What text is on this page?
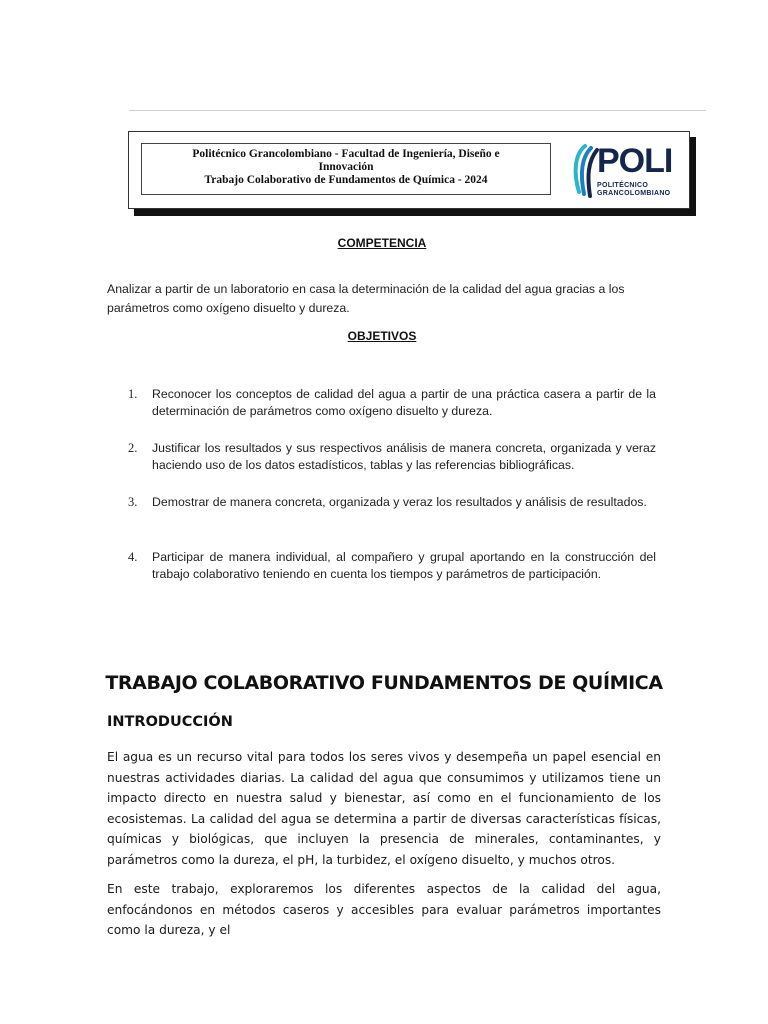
Politécnico Grancolombiano - Facultad de Ingeniería, Diseño e
Innovación
Trabajo Colaborativo de Fundamentos de Química - 2024	POLI
POLITÉCNICO
GRANCOLOMBIANO
COMPETENCIA
Analizar a partir de un laboratorio en casa la determinación de la calidad del agua gracias a los parámetros como oxígeno disuelto y dureza.
OBJETIVOS
1.	Reconocer los conceptos de calidad del agua a partir de una práctica casera a partir de la determinación de parámetros como oxígeno disuelto y dureza.
2.	Justificar los resultados y sus respectivos análisis de manera concreta, organizada y veraz haciendo uso de los datos estadísticos, tablas y las referencias bibliográficas.
3.	Demostrar de manera concreta, organizada y veraz los resultados y análisis de resultados.
4.	Participar de manera individual, al compañero y grupal aportando en la construcción del trabajo colaborativo teniendo en cuenta los tiempos y parámetros de participación.
TRABAJO COLABORATIVO FUNDAMENTOS DE QUÍMICA
INTRODUCCIÓN
El agua es un recurso vital para todos los seres vivos y desempeña un papel esencial en nuestras actividades diarias. La calidad del agua que consumimos y utilizamos tiene un impacto directo en nuestra salud y bienestar, así como en el funcionamiento de los ecosistemas. La calidad del agua se determina a partir de diversas características físicas, químicas y biológicas, que incluyen la presencia de minerales, contaminantes, y parámetros como la dureza, el pH, la turbidez, el oxígeno disuelto, y muchos otros.
En este trabajo, exploraremos los diferentes aspectos de la calidad del agua, enfocándonos en métodos caseros y accesibles para evaluar parámetros importantes como la dureza, y el
